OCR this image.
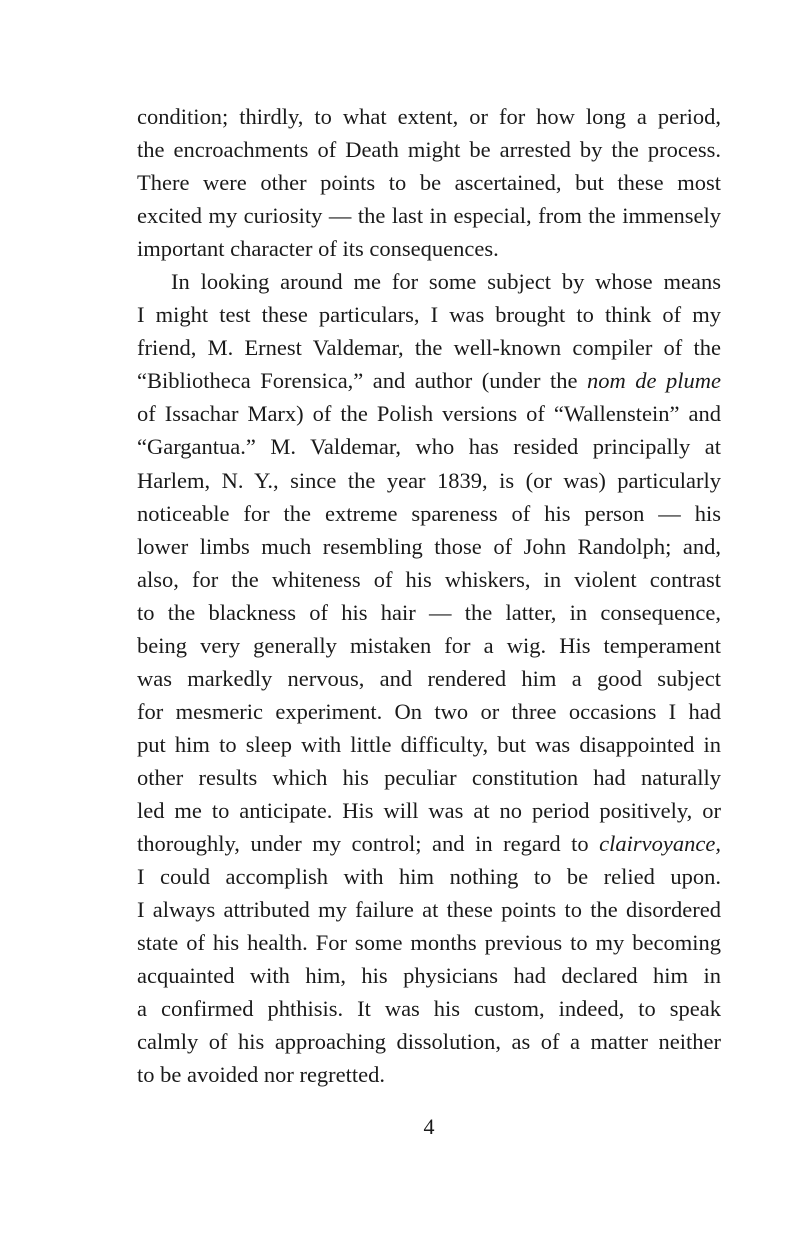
condition; thirdly, to what extent, or for how long a period,
the encroachments of Death might be arrested by the process.
There were other points to be ascertained, but these most
excited my curiosity — the last in especial, from the immensely
important character of its consequences.
In looking around me for some subject by whose means
I might test these particulars, I was brought to think of my
friend, M. Ernest Valdemar, the well-known compiler of the
“Bibliotheca Forensica,” and author (under the nom de plume
of Issachar Marx) of the Polish versions of “Wallenstein” and
“Gargantua.” M. Valdemar, who has resided principally at
Harlem, N. Y., since the year 1839, is (or was) particularly
noticeable for the extreme spareness of his person — his
lower limbs much resembling those of John Randolph; and,
also, for the whiteness of his whiskers, in violent contrast
to the blackness of his hair — the latter, in consequence,
being very generally mistaken for a wig. His temperament
was markedly nervous, and rendered him a good subject
for mesmeric experiment. On two or three occasions I had
put him to sleep with little difficulty, but was disappointed in
other results which his peculiar constitution had naturally
led me to anticipate. His will was at no period positively, or
thoroughly, under my control; and in regard to clairvoyance,
I could accomplish with him nothing to be relied upon.
I always attributed my failure at these points to the disordered
state of his health. For some months previous to my becoming
acquainted with him, his physicians had declared him in
a confirmed phthisis. It was his custom, indeed, to speak
calmly of his approaching dissolution, as of a matter neither
to be avoided nor regretted.
4
